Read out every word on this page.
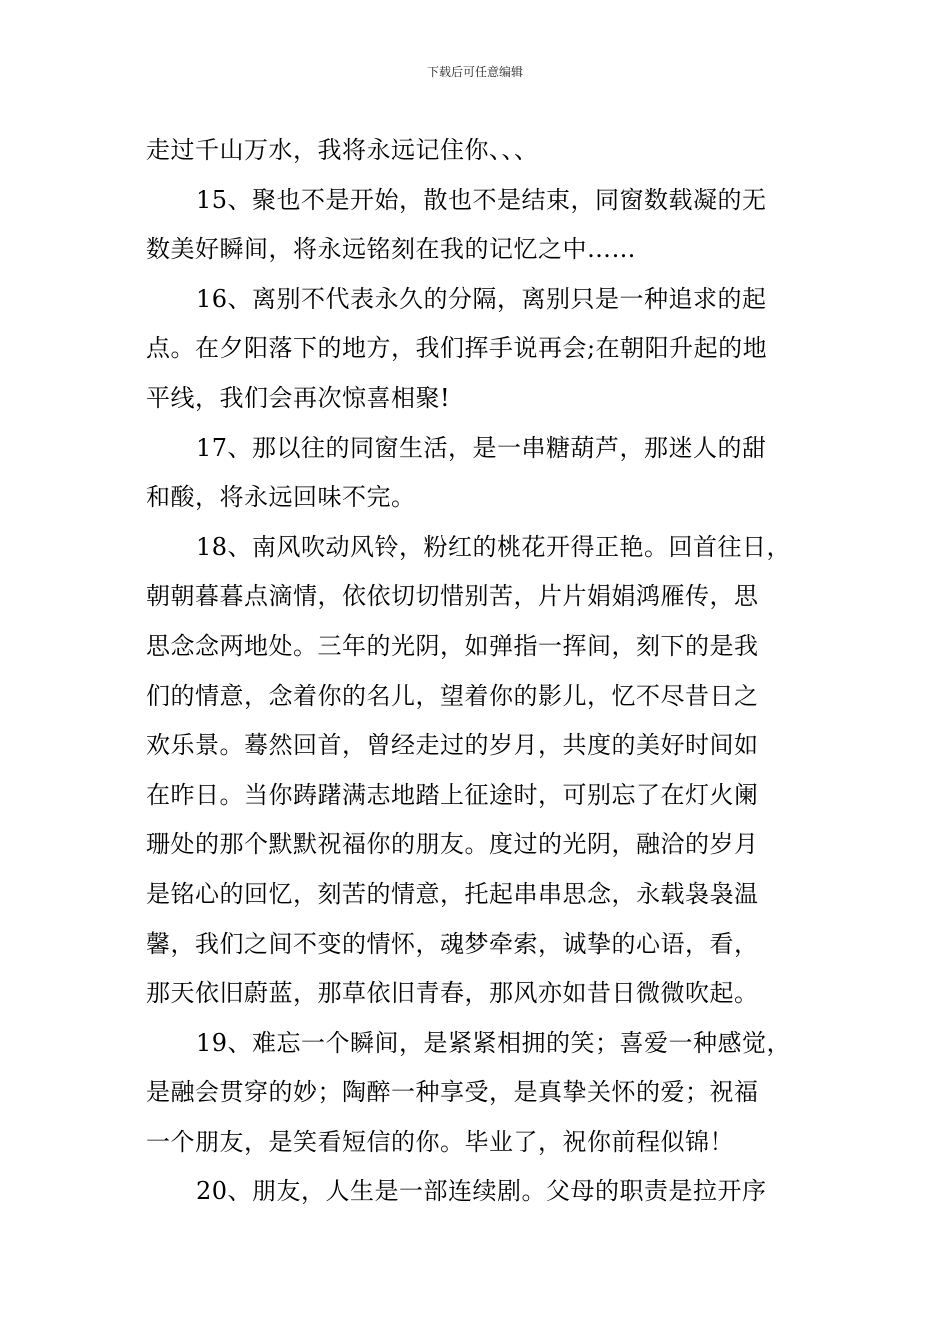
下载后可任意编辑
走过千山万水，我将永远记住你、、、
15、聚也不是开始，散也不是结束，同窗数载凝的无
数美好瞬间，将永远铭刻在我的记忆之中……
16、离别不代表永久的分隔，离别只是一种追求的起
点。在夕阳落下的地方，我们挥手说再会;在朝阳升起的地
平线，我们会再次惊喜相聚!
17、那以往的同窗生活，是一串糖葫芦，那迷人的甜
和酸，将永远回味不完。
18、南风吹动风铃，粉红的桃花开得正艳。回首往日，
朝朝暮暮点滴情，依依切切惜别苦，片片娟娟鸿雁传，思
思念念两地处。三年的光阴，如弹指一挥间，刻下的是我
们的情意，念着你的名儿，望着你的影儿，忆不尽昔日之
欢乐景。蓦然回首，曾经走过的岁月，共度的美好时间如
在昨日。当你踌躇满志地踏上征途时，可别忘了在灯火阑
珊处的那个默默祝福你的朋友。度过的光阴，融洽的岁月
是铭心的回忆，刻苦的情意，托起串串思念，永载袅袅温
馨，我们之间不变的情怀，魂梦牵索，诚挚的心语，看，
那天依旧蔚蓝，那草依旧青春，那风亦如昔日微微吹起。
19、难忘一个瞬间，是紧紧相拥的笑；喜爱一种感觉，
是融会贯穿的妙；陶醉一种享受，是真挚关怀的爱；祝福
一个朋友，是笑看短信的你。毕业了，祝你前程似锦！
20、朋友，人生是一部连续剧。父母的职责是拉开序
